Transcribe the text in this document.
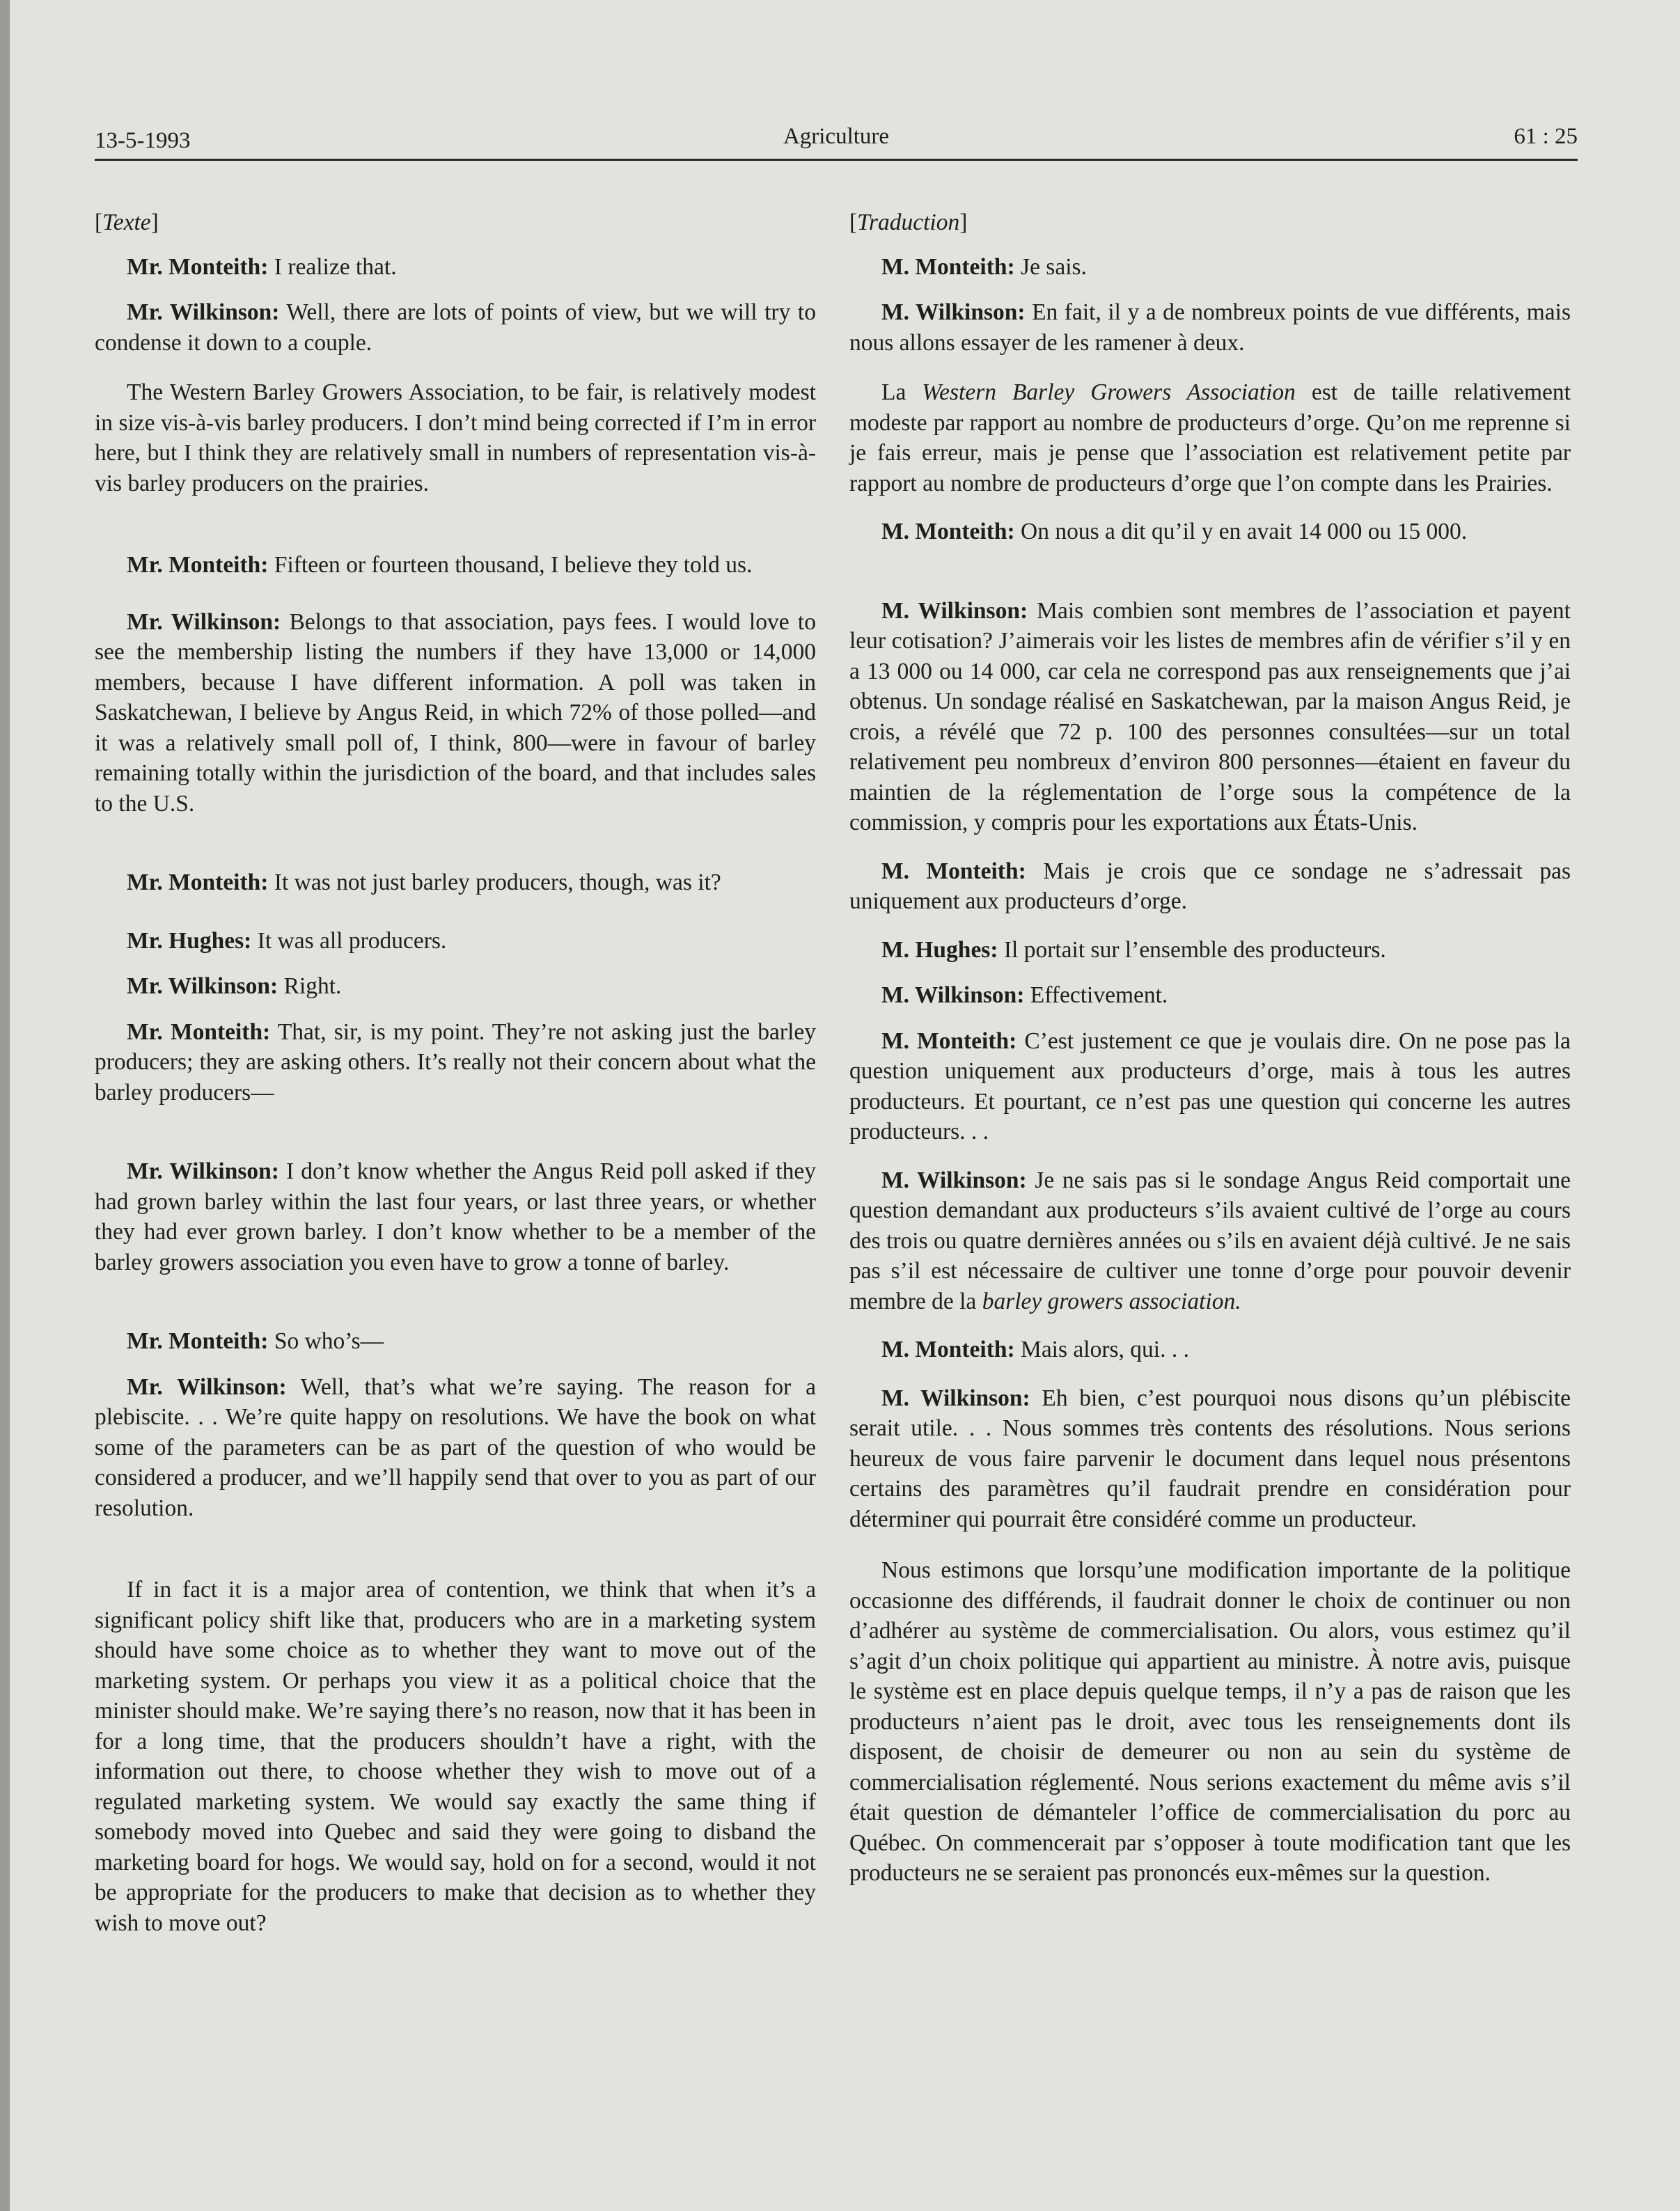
13-5-1993	Agriculture	61 : 25
[Texte]

Mr. Monteith: I realize that.

Mr. Wilkinson: Well, there are lots of points of view, but we will try to condense it down to a couple.

The Western Barley Growers Association, to be fair, is relatively modest in size vis-à-vis barley producers. I don’t mind being corrected if I’m in error here, but I think they are relatively small in numbers of representation vis-à-vis barley producers on the prairies.

Mr. Monteith: Fifteen or fourteen thousand, I believe they told us.

Mr. Wilkinson: Belongs to that association, pays fees. I would love to see the membership listing the numbers if they have 13,000 or 14,000 members, because I have different information. A poll was taken in Saskatchewan, I believe by Angus Reid, in which 72% of those polled—and it was a relatively small poll of, I think, 800—were in favour of barley remaining totally within the jurisdiction of the board, and that includes sales to the U.S.

Mr. Monteith: It was not just barley producers, though, was it?

Mr. Hughes: It was all producers.

Mr. Wilkinson: Right.

Mr. Monteith: That, sir, is my point. They’re not asking just the barley producers; they are asking others. It’s really not their concern about what the barley producers—

Mr. Wilkinson: I don’t know whether the Angus Reid poll asked if they had grown barley within the last four years, or last three years, or whether they had ever grown barley. I don’t know whether to be a member of the barley growers association you even have to grow a tonne of barley.

Mr. Monteith: So who’s—

Mr. Wilkinson: Well, that’s what we’re saying. The reason for a plebiscite. . . We’re quite happy on resolutions. We have the book on what some of the parameters can be as part of the question of who would be considered a producer, and we’ll happily send that over to you as part of our resolution.

If in fact it is a major area of contention, we think that when it’s a significant policy shift like that, producers who are in a marketing system should have some choice as to whether they want to move out of the marketing system. Or perhaps you view it as a political choice that the minister should make. We’re saying there’s no reason, now that it has been in for a long time, that the producers shouldn’t have a right, with the information out there, to choose whether they wish to move out of a regulated marketing system. We would say exactly the same thing if somebody moved into Quebec and said they were going to disband the marketing board for hogs. We would say, hold on for a second, would it not be appropriate for the producers to make that decision as to whether they wish to move out?

[Traduction]

M. Monteith: Je sais.

M. Wilkinson: En fait, il y a de nombreux points de vue différents, mais nous allons essayer de les ramener à deux.

La Western Barley Growers Association est de taille relativement modeste par rapport au nombre de producteurs d’orge. Qu’on me reprenne si je fais erreur, mais je pense que l’association est relativement petite par rapport au nombre de producteurs d’orge que l’on compte dans les Prairies.

M. Monteith: On nous a dit qu’il y en avait 14 000 ou 15 000.

M. Wilkinson: Mais combien sont membres de l’association et payent leur cotisation? J’aimerais voir les listes de membres afin de vérifier s’il y en a 13 000 ou 14 000, car cela ne correspond pas aux renseignements que j’ai obtenus. Un sondage réalisé en Saskatchewan, par la maison Angus Reid, je crois, a révélé que 72 p. 100 des personnes consultées—sur un total relativement peu nombreux d’environ 800 personnes—étaient en faveur du maintien de la réglementation de l’orge sous la compétence de la commission, y compris pour les exportations aux États-Unis.

M. Monteith: Mais je crois que ce sondage ne s’adressait pas uniquement aux producteurs d’orge.

M. Hughes: Il portait sur l’ensemble des producteurs.

M. Wilkinson: Effectivement.

M. Monteith: C’est justement ce que je voulais dire. On ne pose pas la question uniquement aux producteurs d’orge, mais à tous les autres producteurs. Et pourtant, ce n’est pas une question qui concerne les autres producteurs. . .

M. Wilkinson: Je ne sais pas si le sondage Angus Reid comportait une question demandant aux producteurs s’ils avaient cultivé de l’orge au cours des trois ou quatre dernières années ou s’ils en avaient déjà cultivé. Je ne sais pas s’il est nécessaire de cultiver une tonne d’orge pour pouvoir devenir membre de la barley growers association.

M. Monteith: Mais alors, qui. . .

M. Wilkinson: Eh bien, c’est pourquoi nous disons qu’un plébiscite serait utile. . . Nous sommes très contents des résolutions. Nous serions heureux de vous faire parvenir le document dans lequel nous présentons certains des paramètres qu’il faudrait prendre en considération pour déterminer qui pourrait être considéré comme un producteur.

Nous estimons que lorsqu’une modification importante de la politique occasionne des différends, il faudrait donner le choix de continuer ou non d’adhérer au système de commercialisation. Ou alors, vous estimez qu’il s’agit d’un choix politique qui appartient au ministre. À notre avis, puisque le système est en place depuis quelque temps, il n’y a pas de raison que les producteurs n’aient pas le droit, avec tous les renseignements dont ils disposent, de choisir de demeurer ou non au sein du système de commercialisation réglementé. Nous serions exactement du même avis s’il était question de démanteler l’office de commercialisation du porc au Québec. On commencerait par s’opposer à toute modification tant que les producteurs ne se seraient pas prononcés eux-mêmes sur la question.
